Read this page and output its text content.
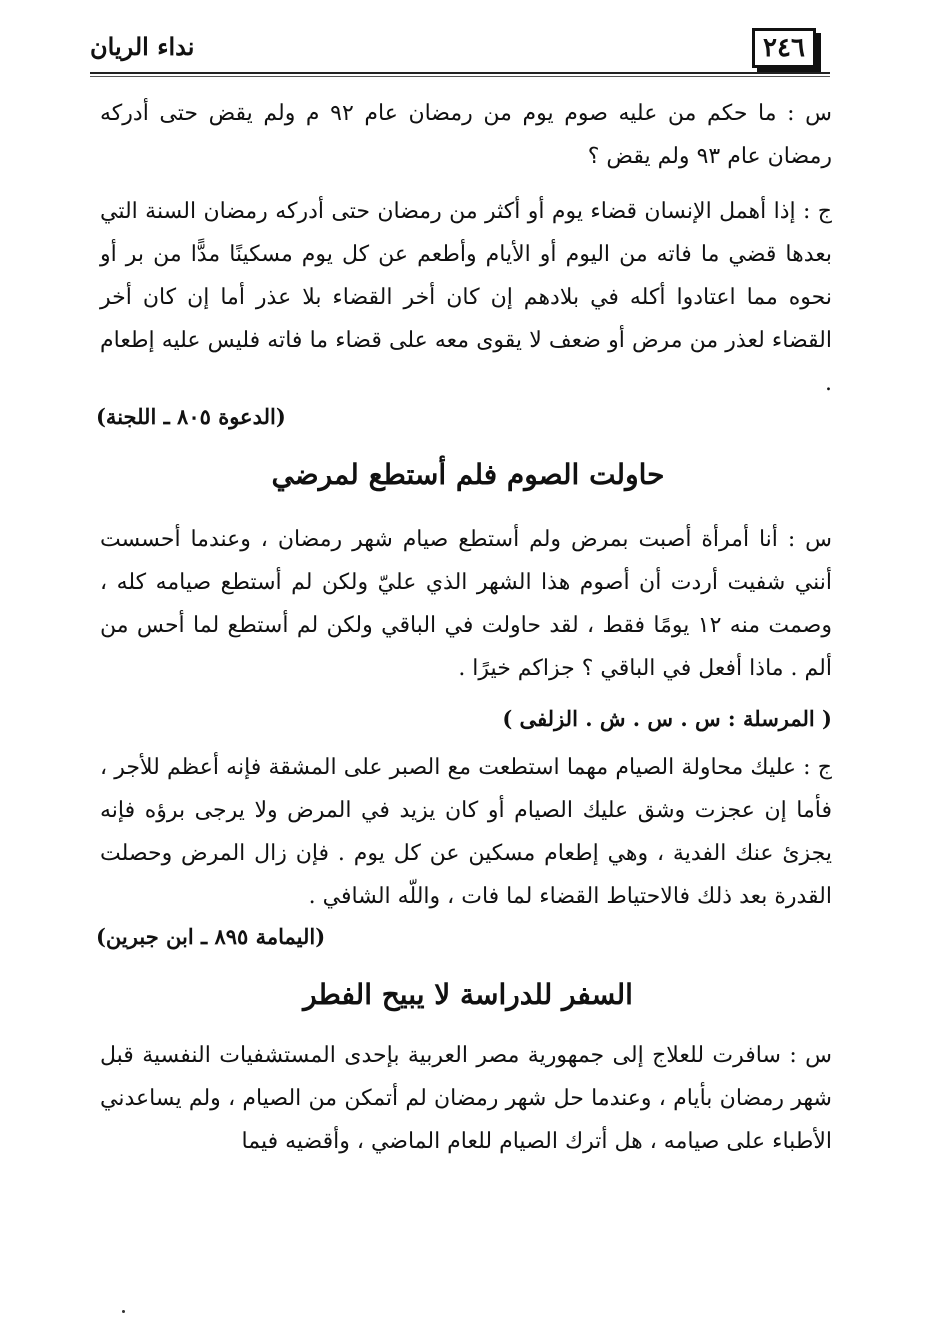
٢٤٦
نداء الريان
س : ما حكم من عليه صوم يوم من رمضان عام ٩٢ م ولم يقض حتى أدركه رمضان عام ٩٣ ولم يقض ؟
ج : إذا أهمل الإنسان قضاء يوم أو أكثر من رمضان حتى أدركه رمضان السنة التي بعدها قضي ما فاته من اليوم أو الأيام وأطعم عن كل يوم مسكينًا مدًّا من بر أو نحوه مما اعتادوا أكله في بلادهم إن كان أخر القضاء بلا عذر أما إن كان أخر القضاء لعذر من مرض أو ضعف لا يقوى معه على قضاء ما فاته فليس عليه إطعام .
(الدعوة ٨٠٥ ـ اللجنة)
حاولت الصوم فلم أستطع لمرضي
س : أنا أمرأة أصبت بمرض ولم أستطع صيام شهر رمضان ، وعندما أحسست أنني شفيت أردت أن أصوم هذا الشهر الذي عليّ ولكن لم أستطع صيامه كله ، وصمت منه ١٢ يومًا فقط ، لقد حاولت في الباقي ولكن لم أستطع لما أحس من ألم . ماذا أفعل في الباقي ؟ جزاكم خيرًا .
( المرسلة : س . س . ش . الزلفى )
ج : عليك محاولة الصيام مهما استطعت مع الصبر على المشقة فإنه أعظم للأجر ، فأما إن عجزت وشق عليك الصيام أو كان يزيد في المرض ولا يرجى برؤه فإنه يجزئ عنك الفدية ، وهي إطعام مسكين عن كل يوم . فإن زال المرض وحصلت القدرة بعد ذلك فالاحتياط القضاء لما فات ، واللّه الشافي .
(اليمامة ٨٩٥ ـ ابن جبرين)
السفر للدراسة لا يبيح الفطر
س : سافرت للعلاج إلى جمهورية مصر العربية بإحدى المستشفيات النفسية قبل شهر رمضان بأيام ، وعندما حل شهر رمضان لم أتمكن من الصيام ، ولم يساعدني الأطباء على صيامه ، هل أترك الصيام للعام الماضي ، وأقضيه فيما
